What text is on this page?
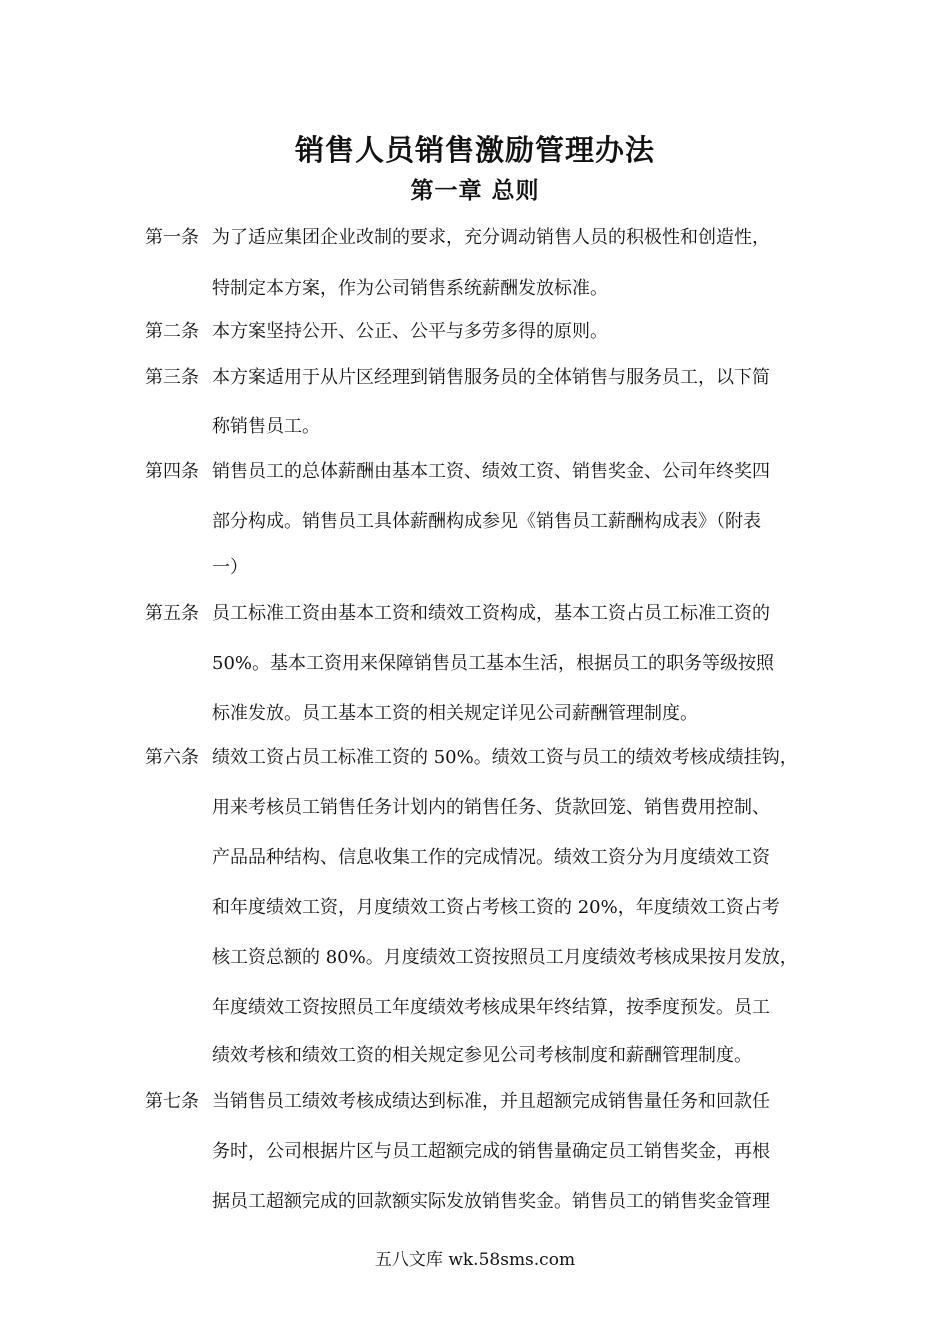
销售人员销售激励管理办法
第一章 总则
第一条 为了适应集团企业改制的要求，充分调动销售人员的积极性和创造性，
特制定本方案，作为公司销售系统薪酬发放标准。
第二条 本方案坚持公开、公正、公平与多劳多得的原则。
第三条 本方案适用于从片区经理到销售服务员的全体销售与服务员工，以下简
称销售员工。
第四条 销售员工的总体薪酬由基本工资、绩效工资、销售奖金、公司年终奖四
部分构成。销售员工具体薪酬构成参见《销售员工薪酬构成表》（附表
一）
第五条 员工标准工资由基本工资和绩效工资构成，基本工资占员工标准工资的
50%。基本工资用来保障销售员工基本生活，根据员工的职务等级按照
标准发放。员工基本工资的相关规定详见公司薪酬管理制度。
第六条 绩效工资占员工标准工资的 50%。绩效工资与员工的绩效考核成绩挂钩，
用来考核员工销售任务计划内的销售任务、货款回笼、销售费用控制、
产品品种结构、信息收集工作的完成情况。绩效工资分为月度绩效工资
和年度绩效工资，月度绩效工资占考核工资的 20%，年度绩效工资占考
核工资总额的 80%。月度绩效工资按照员工月度绩效考核成果按月发放，
年度绩效工资按照员工年度绩效考核成果年终结算，按季度预发。员工
绩效考核和绩效工资的相关规定参见公司考核制度和薪酬管理制度。
第七条 当销售员工绩效考核成绩达到标准，并且超额完成销售量任务和回款任
务时，公司根据片区与员工超额完成的销售量确定员工销售奖金，再根
据员工超额完成的回款额实际发放销售奖金。销售员工的销售奖金管理
五八文库 wk.58sms.com
